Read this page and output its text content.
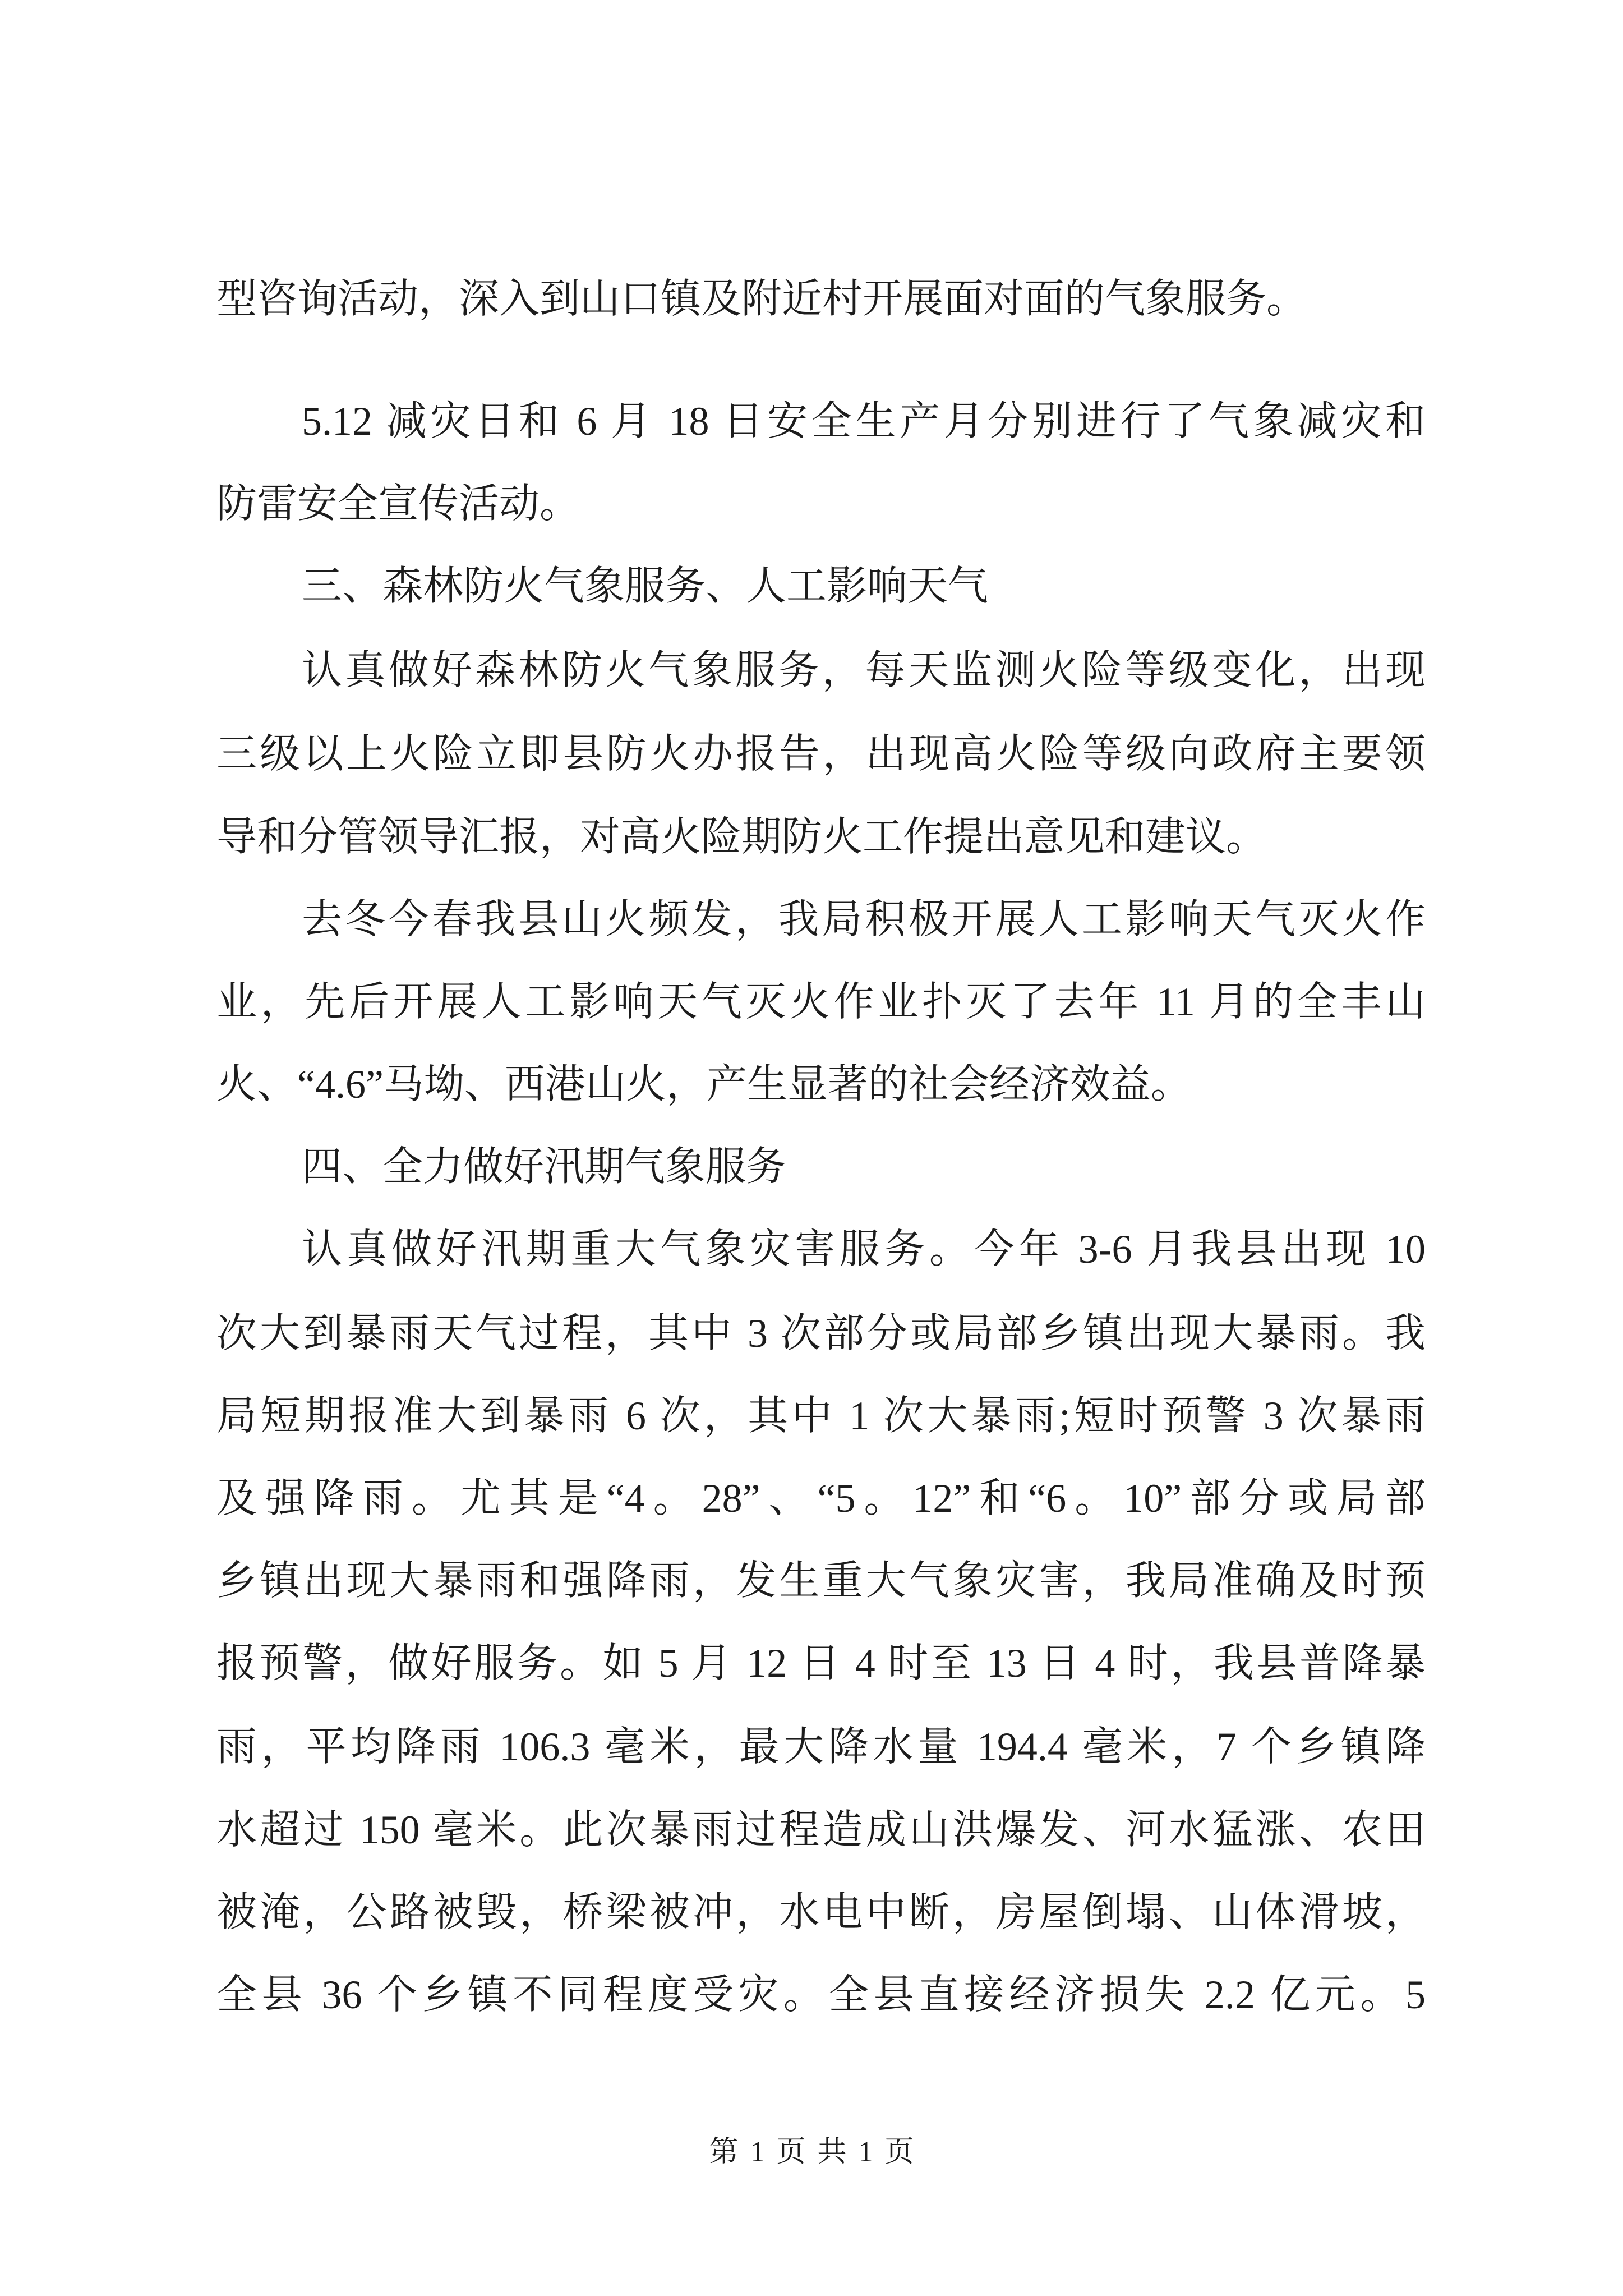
型咨询活动，深入到山口镇及附近村开展面对面的气象服务。
5.12 减灾日和 6 月 18 日安全生产月分别进行了气象减灾和
防雷安全宣传活动。
三、森林防火气象服务、人工影响天气
认真做好森林防火气象服务，每天监测火险等级变化，出现
三级以上火险立即县防火办报告，出现高火险等级向政府主要领
导和分管领导汇报，对高火险期防火工作提出意见和建议。
去冬今春我县山火频发，我局积极开展人工影响天气灭火作
业，先后开展人工影响天气灭火作业扑灭了去年 11 月的全丰山
火、“4.6”马坳、西港山火，产生显著的社会经济效益。
四、全力做好汛期气象服务
认真做好汛期重大气象灾害服务。今年 3-6 月我县出现 10
次大到暴雨天气过程，其中 3 次部分或局部乡镇出现大暴雨。我
局短期报准大到暴雨 6 次，其中 1 次大暴雨;短时预警 3 次暴雨
及强降雨。尤其是“4。28”、“5。12”和“6。10”部分或局部
乡镇出现大暴雨和强降雨，发生重大气象灾害，我局准确及时预
报预警，做好服务。如 5 月 12 日 4 时至 13 日 4 时，我县普降暴
雨，平均降雨 106.3 毫米，最大降水量 194.4 毫米，7 个乡镇降
水超过 150 毫米。此次暴雨过程造成山洪爆发、河水猛涨、农田
被淹，公路被毁，桥梁被冲，水电中断，房屋倒塌、山体滑坡，
全县 36 个乡镇不同程度受灾。全县直接经济损失 2.2 亿元。5
第 1 页 共 1 页
